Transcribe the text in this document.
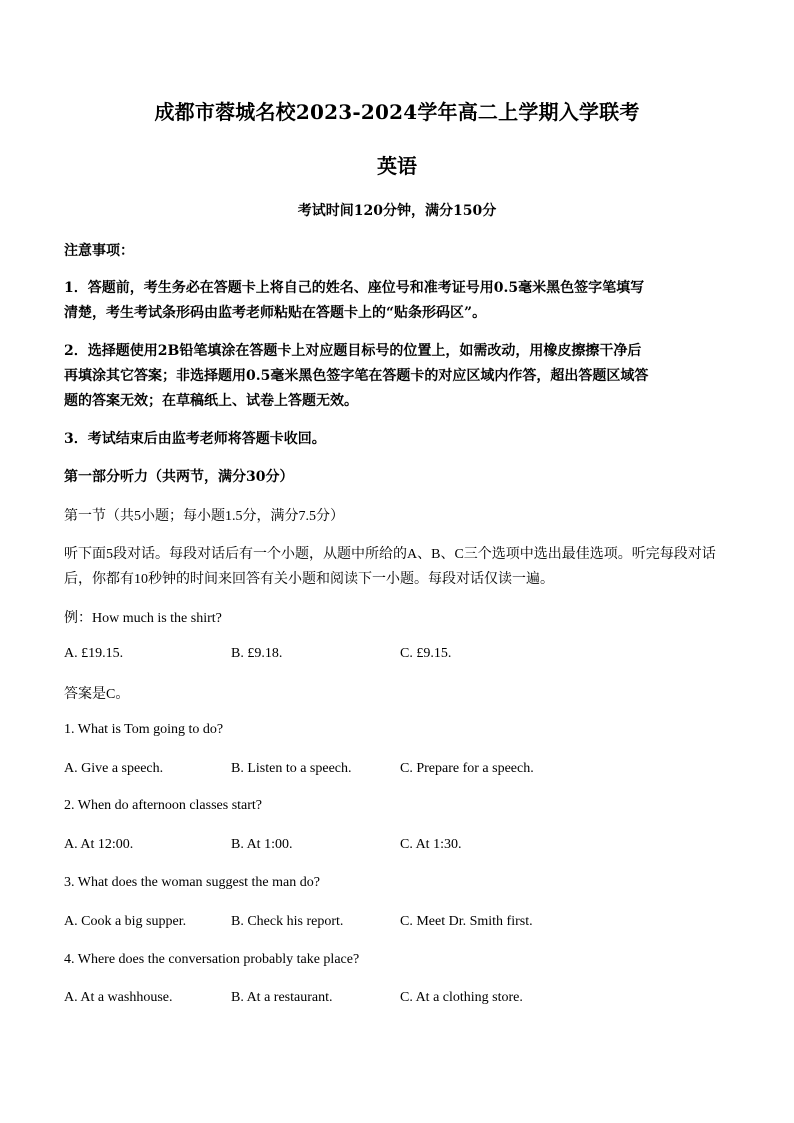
成都市蓉城名校2023-2024学年高二上学期入学联考
英语
考试时间120分钟，满分150分
注意事项：
1．答题前，考生务必在答题卡上将自己的姓名、座位号和准考证号用0.5毫米黑色签字笔填写
清楚，考生考试条形码由监考老师粘贴在答题卡上的“贴条形码区”。
2．选择题使用2B铅笔填涂在答题卡上对应题目标号的位置上，如需改动，用橡皮擦擦干净后
再填涂其它答案；非选择题用0.5毫米黑色签字笔在答题卡的对应区域内作答，超出答题区域答
题的答案无效；在草稿纸上、试卷上答题无效。
3．考试结束后由监考老师将答题卡收回。
第一部分听力（共两节，满分30分）
第一节（共5小题；每小题1.5分，满分7.5分）
听下面5段对话。每段对话后有一个小题，从题中所给的A、B、C三个选项中选出最佳选项。听完每段对话
后，你都有10秒钟的时间来回答有关小题和阅读下一小题。每段对话仅读一遍。
例：How much is the shirt?
A. £19.15.	B. £9.18.	C. £9.15.
答案是C。
1. What is Tom going to do?
A. Give a speech.	B. Listen to a speech.	C. Prepare for a speech.
2. When do afternoon classes start?
A. At 12:00.	B. At 1:00.	C. At 1:30.
3. What does the woman suggest the man do?
A. Cook a big supper.	B. Check his report.	C. Meet Dr. Smith first.
4. Where does the conversation probably take place?
A. At a washhouse.	B. At a restaurant.	C. At a clothing store.
